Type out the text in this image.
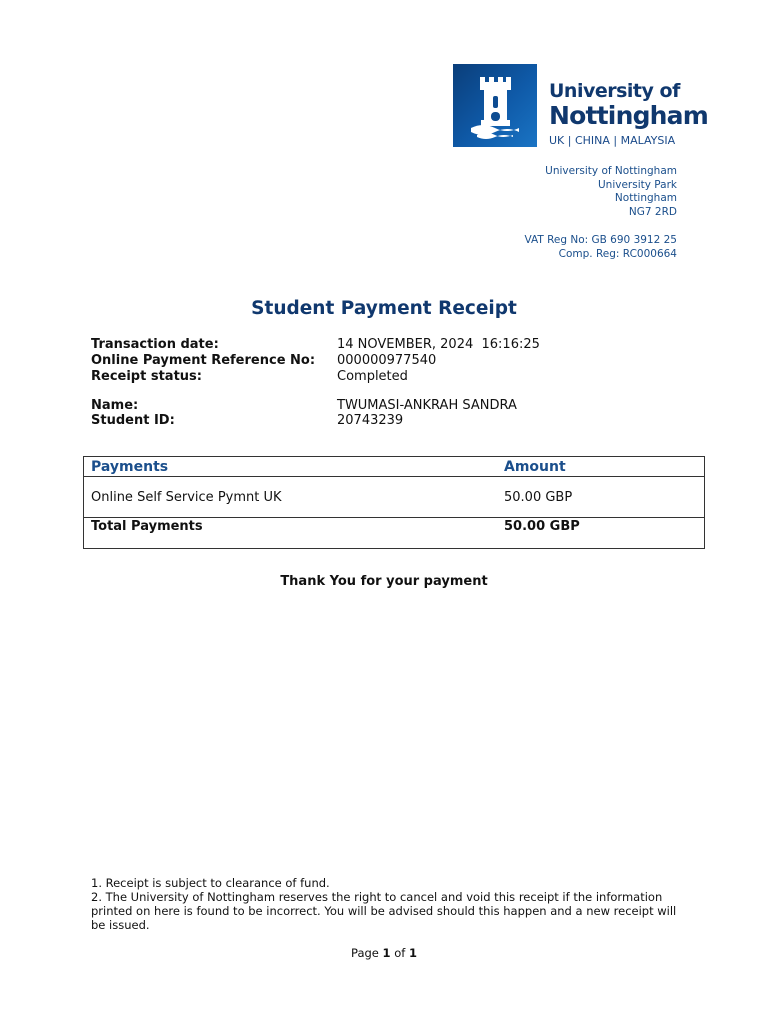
University of
Nottingham
UK | CHINA | MALAYSIA
University of Nottingham
University Park
Nottingham
NG7 2RD
VAT Reg No: GB 690 3912 25
Comp. Reg: RC000664
Student Payment Receipt
Transaction date:	14 NOVEMBER, 2024  16:16:25
Online Payment Reference No: 000000977540
Receipt status:	Completed
Name:	TWUMASI-ANKRAH SANDRA
Student ID:	20743239
Payments	Amount
Online Self Service Pymnt UK	50.00 GBP
Total Payments	50.00 GBP
Thank You for your payment
1. Receipt is subject to clearance of fund.
2. The University of Nottingham reserves the right to cancel and void this receipt if the information printed on here is found to be incorrect. You will be advised should this happen and a new receipt will be issued.
Page 1 of 1
